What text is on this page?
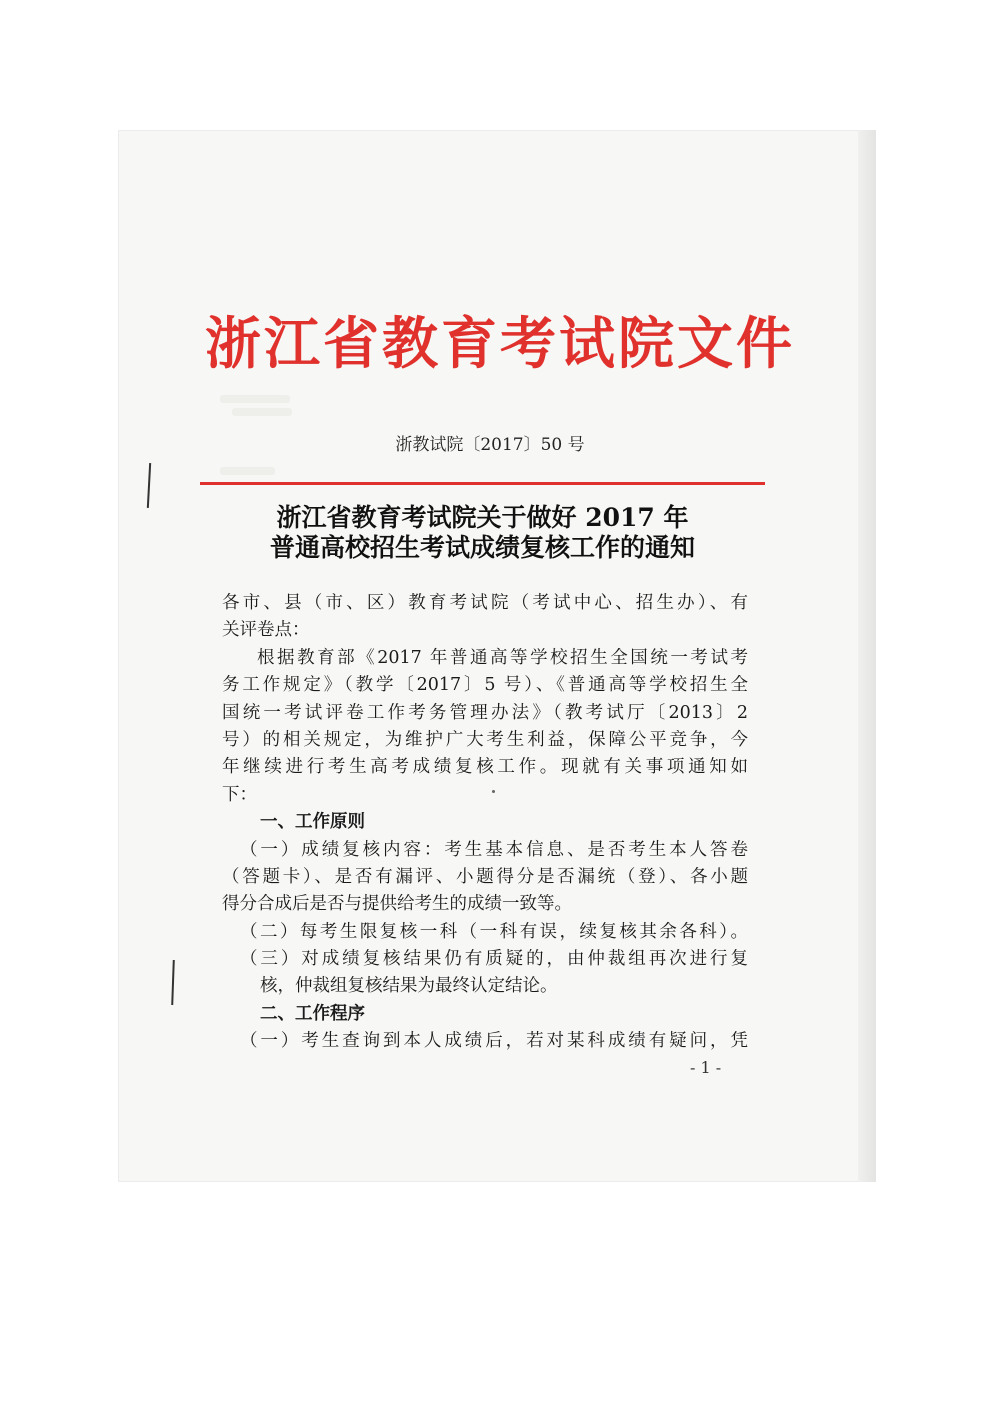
浙江省教育考试院文件
浙教试院〔2017〕50 号
浙江省教育考试院关于做好 2017 年
普通高校招生考试成绩复核工作的通知
各市、县（市、区）教育考试院（考试中心、招生办）、有
关评卷点：
根据教育部《2017 年普通高等学校招生全国统一考试考
务工作规定》（教学〔2017〕5 号）、《普通高等学校招生全
国统一考试评卷工作考务管理办法》（教考试厅〔2013〕2
号）的相关规定，为维护广大考生利益，保障公平竞争，今
年继续进行考生高考成绩复核工作。现就有关事项通知如
下：
一、工作原则
（一）成绩复核内容：考生基本信息、是否考生本人答卷
（答题卡）、是否有漏评、小题得分是否漏统（登）、各小题
得分合成后是否与提供给考生的成绩一致等。
（二）每考生限复核一科（一科有误，续复核其余各科）。
（三）对成绩复核结果仍有质疑的，由仲裁组再次进行复
核，仲裁组复核结果为最终认定结论。
二、工作程序
（一）考生查询到本人成绩后，若对某科成绩有疑问，凭
- 1 -
